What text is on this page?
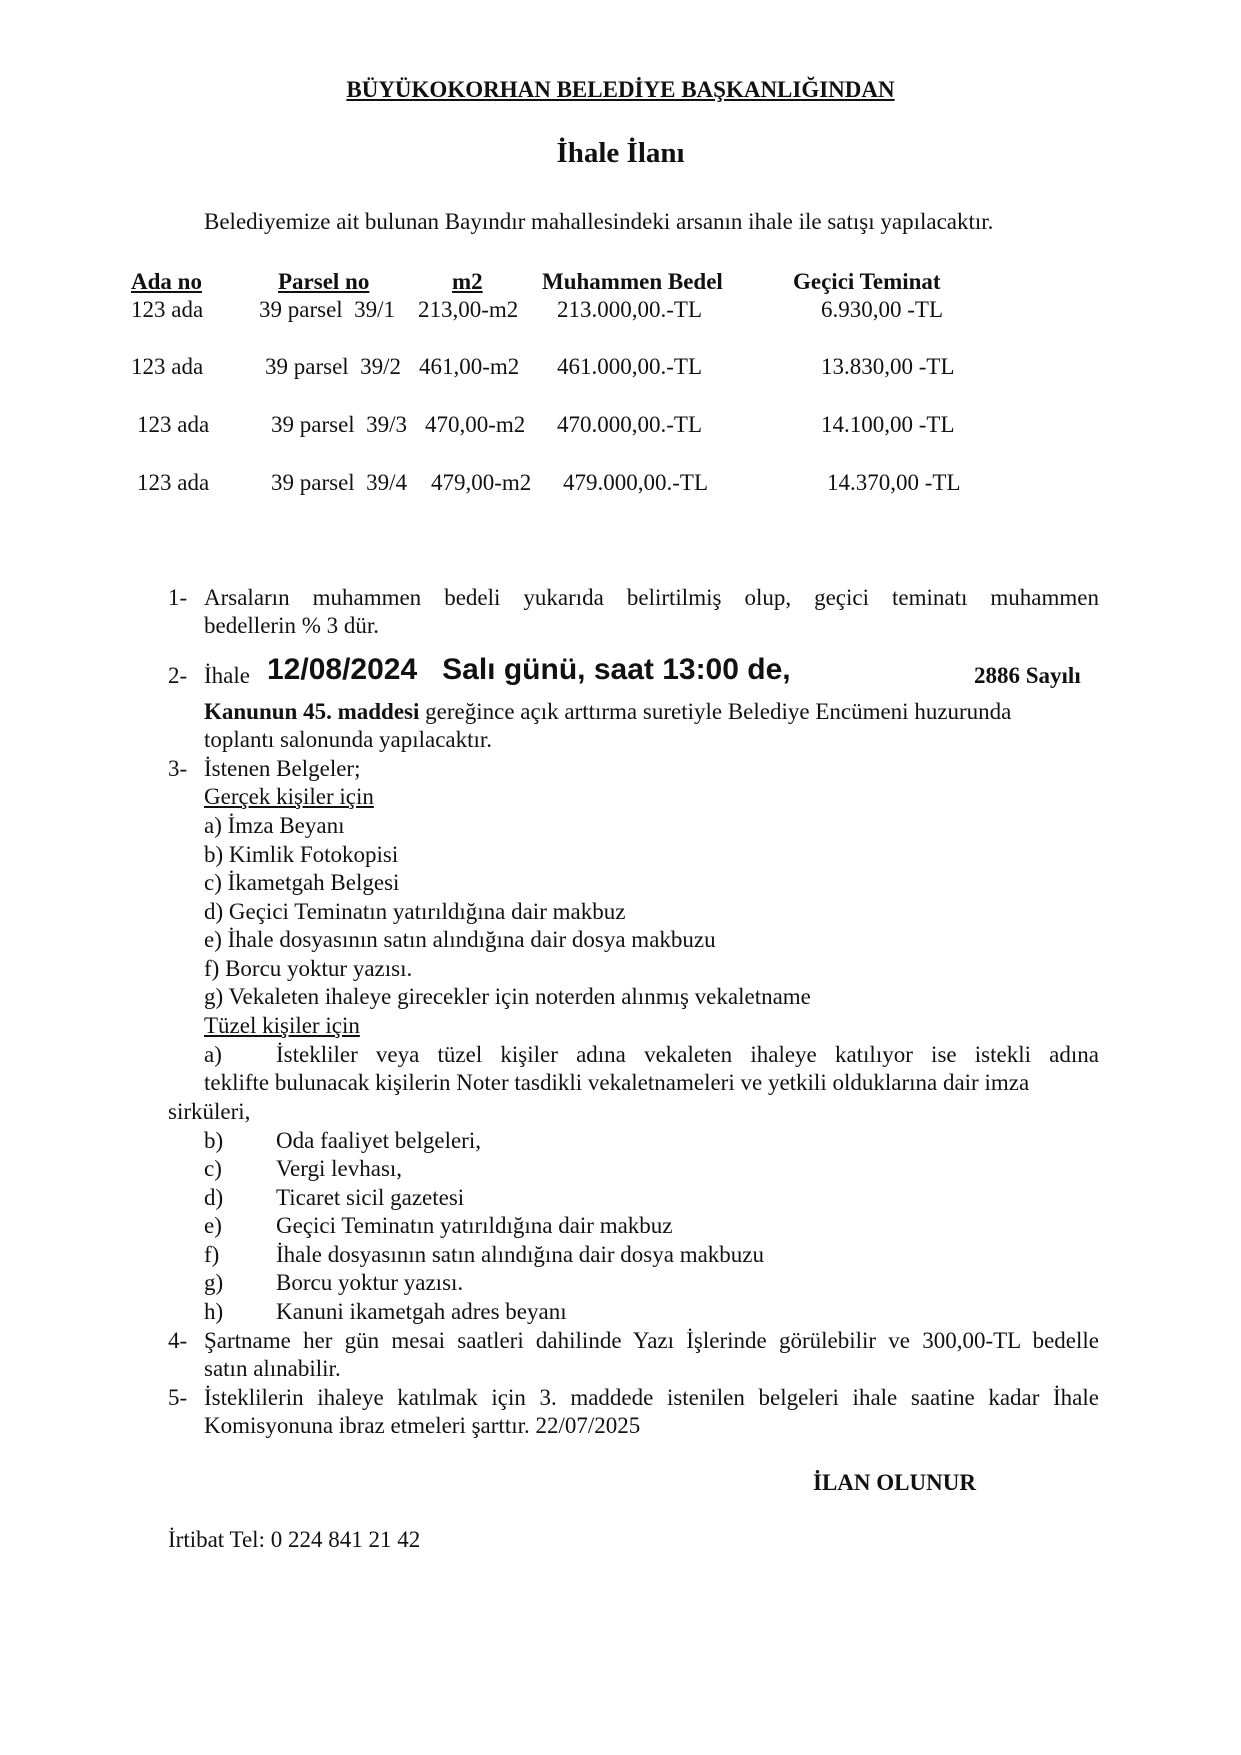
BÜYÜKOKORHAN BELEDİYE BAŞKANLIĞINDAN
İhale İlanı
Belediyemize ait bulunan Bayındır mahallesindeki arsanın ihale ile satışı yapılacaktır.
Ada no	Parsel no	m2	Muhammen Bedel	Geçici Teminat
123 ada 39 parsel  39/1 213,00-m2 213.000,00.-TL	6.930,00 -TL
123 ada	39 parsel  39/2 461,00-m2 461.000,00.-TL	13.830,00 -TL
123 ada	39 parsel  39/3 470,00-m2 470.000,00.-TL	14.100,00 -TL
123 ada	39 parsel  39/4 479,00-m2 479.000,00.-TL	14.370,00 -TL
1- Arsaların muhammen bedeli yukarıda belirtilmiş olup, geçici teminatı muhammen
bedellerin % 3 dür.
2- İhale 12/08/2024   Salı günü, saat 13:00 de,	2886 Sayılı
Kanunun 45. maddesi gereğince açık arttırma suretiyle Belediye Encümeni huzurunda
toplantı salonunda yapılacaktır.
3- İstenen Belgeler;
Gerçek kişiler için
a) İmza Beyanı
b) Kimlik Fotokopisi
c) İkametgah Belgesi
d) Geçici Teminatın yatırıldığına dair makbuz
e) İhale dosyasının satın alındığına dair dosya makbuzu
f) Borcu yoktur yazısı.
g) Vekaleten ihaleye girecekler için noterden alınmış vekaletname
Tüzel kişiler için
a) İstekliler veya tüzel kişiler adına vekaleten ihaleye katılıyor ise istekli adına
teklifte bulunacak kişilerin Noter tasdikli vekaletnameleri ve yetkili olduklarına dair imza
sirküleri,
b) Oda faaliyet belgeleri,
c) Vergi levhası,
d) Ticaret sicil gazetesi
e) Geçici Teminatın yatırıldığına dair makbuz
f) İhale dosyasının satın alındığına dair dosya makbuzu
g) Borcu yoktur yazısı.
h) Kanuni ikametgah adres beyanı
4- Şartname her gün mesai saatleri dahilinde Yazı İşlerinde görülebilir ve 300,00-TL bedelle
satın alınabilir.
5- İsteklilerin ihaleye katılmak için 3. maddede istenilen belgeleri ihale saatine kadar İhale
Komisyonuna ibraz etmeleri şarttır. 22/07/2025
İLAN OLUNUR
İrtibat Tel: 0 224 841 21 42
